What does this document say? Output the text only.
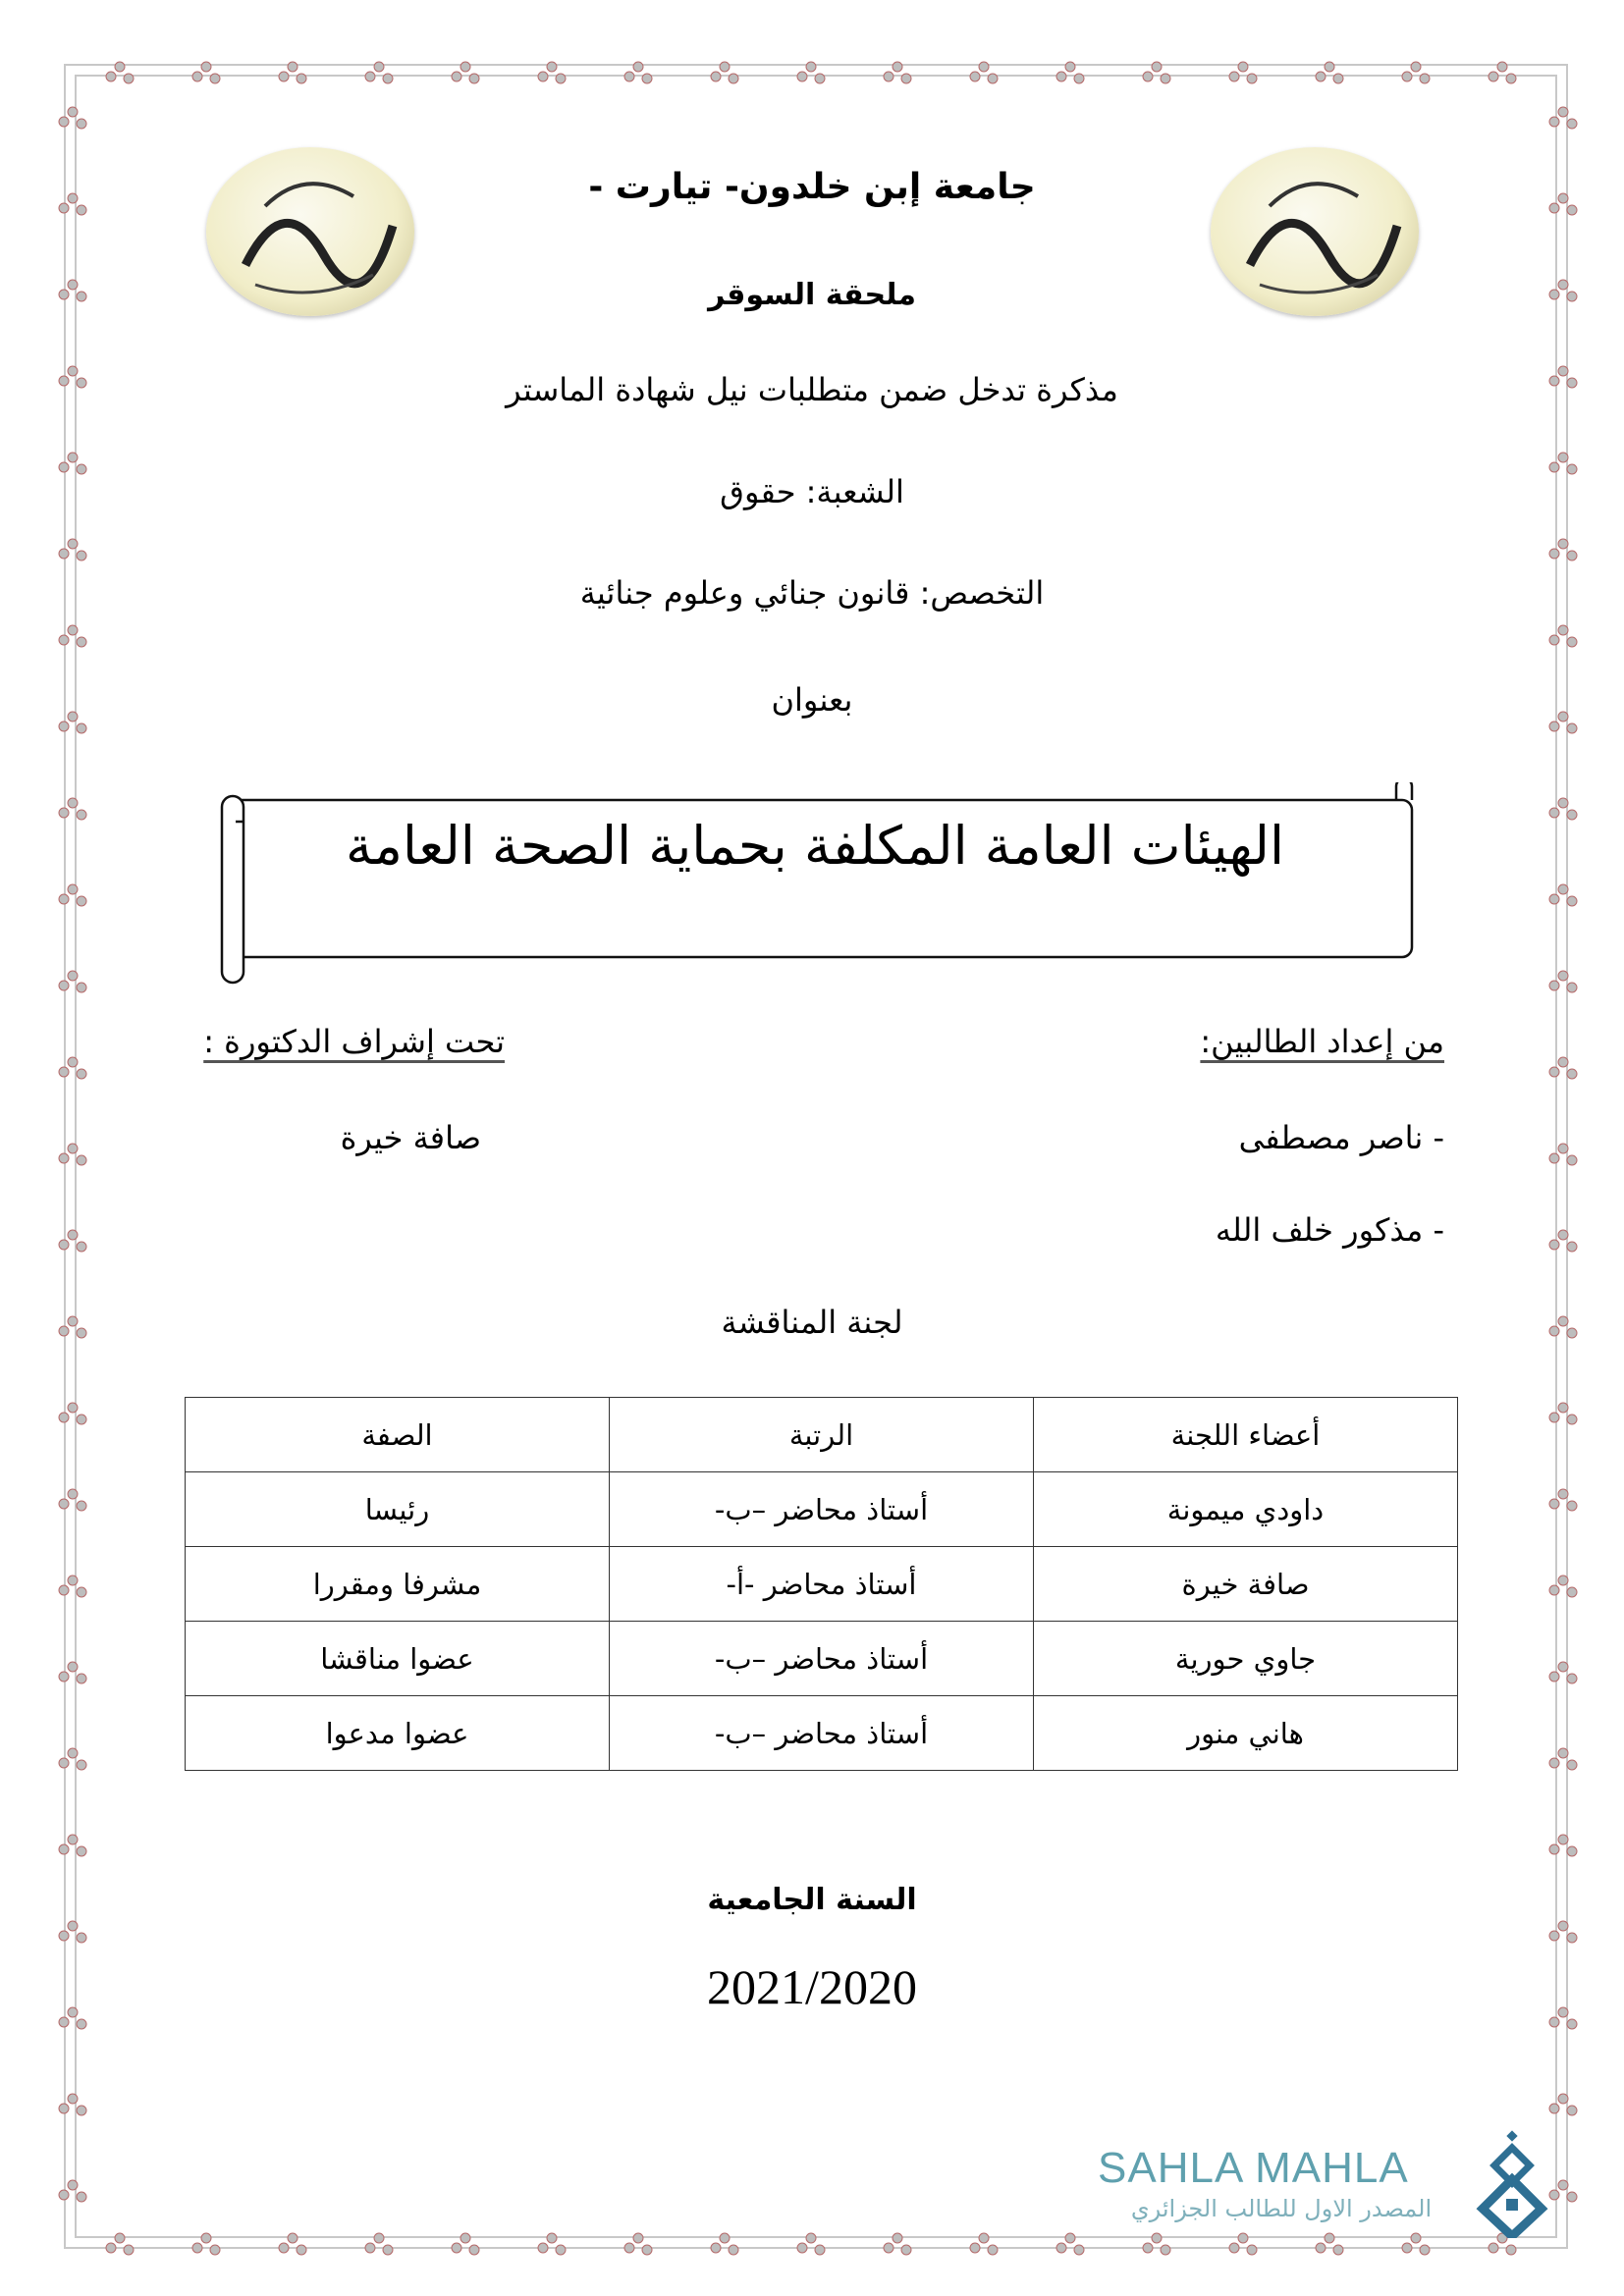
جامعة إبن خلدون- تيارت -
ملحقة السوقر
مذكرة تدخل ضمن متطلبات نيل شهادة الماستر
الشعبة: حقوق
التخصص: قانون جنائي وعلوم جنائية
بعنوان
الهيئات العامة المكلفة بحماية الصحة العامة
من إعداد الطالبين:
تحت إشراف الدكتورة :
- ناصر مصطفى
صافة خيرة
- مذكور خلف الله
لجنة المناقشة
أعضاء اللجنة	الرتبة	الصفة
داودي ميمونة	أستاذ محاضر –ب-	رئيسا
صافة خيرة	أستاذ محاضر -أ-	مشرفا ومقررا
جاوي حورية	أستاذ محاضر –ب-	عضوا مناقشا
هاني منور	أستاذ محاضر –ب-	عضوا مدعوا
السنة الجامعية
2021/2020
SAHLA MAHLA
المصدر الاول للطالب الجزائري
